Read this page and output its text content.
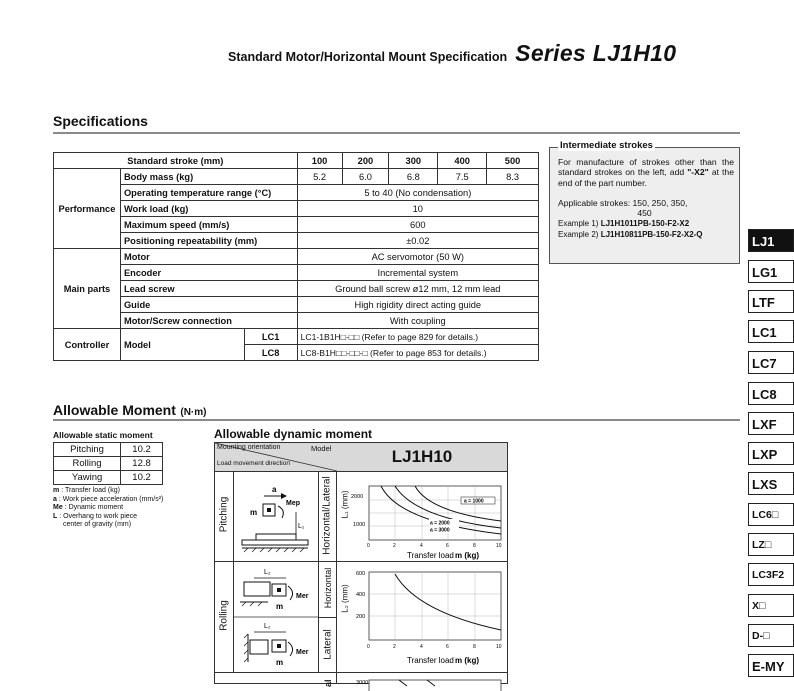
Standard Motor/Horizontal Mount Specification Series LJ1H10
Specifications
Standard stroke (mm)			100	200	300	400	500
Performance	Body mass (kg)		5.2	6.0	6.8	7.5	8.3
	Operating temperature range (°C)		5 to 40 (No condensation)				
	Work load (kg)		10				
	Maximum speed (mm/s)		600				
	Positioning repeatability (mm)		±0.02				
Main parts	Motor		AC servomotor (50 W)				
	Encoder		Incremental system				
	Lead screw		Ground ball screw ø12 mm, 12 mm lead				
	Guide		High rigidity direct acting guide				
	Motor/Screw connection		With coupling				
Controller	Model	LC1	LC1-1B1H□-□□ (Refer to page 829 for details.)				
		LC8	LC8-B1H□□-□□-□ (Refer to page 853 for details.)				
Intermediate strokes
For manufacture of strokes other than the standard strokes on the left, add "-X2" at the end of the part number.
Applicable strokes: 150, 250, 350,
450
Example 1) LJ1H1011PB-150-F2-X2
Example 2) LJ1H10811PB-150-F2-X2-Q	LJ1
LG1
LTF
LC1
LC7
LC8
LXF
LXP
LXS
LC6□
LZ□
LC3F2
X□
D-□
E-MY
Allowable Moment (N·m)
Allowable static moment
Pitching	10.2
Rolling	12.8
Yawing	10.2
m : Transfer load (kg)
a : Work piece acceleration (mm/s²)
Me : Dynamic moment
L : Overhang to work piece
center of gravity (mm)
Allowable dynamic moment
Mounting orientation	Model
Load movement direction	LJ1H10
Pitching
a
m
Mep
L₁ Horizontal/Lateral L₁ (mm) 2000
1000
a = 1000
a = 2000
a = 3000
0	2	4	6	8	10
Transfer load m (kg)
Rolling
L₂
Mer
m
L₂
Mer
m
Horizontal
Lateral
L₂ (mm)
600
400
200
0	2	4	6	8	10
Transfer load m (kg)
al	3000
